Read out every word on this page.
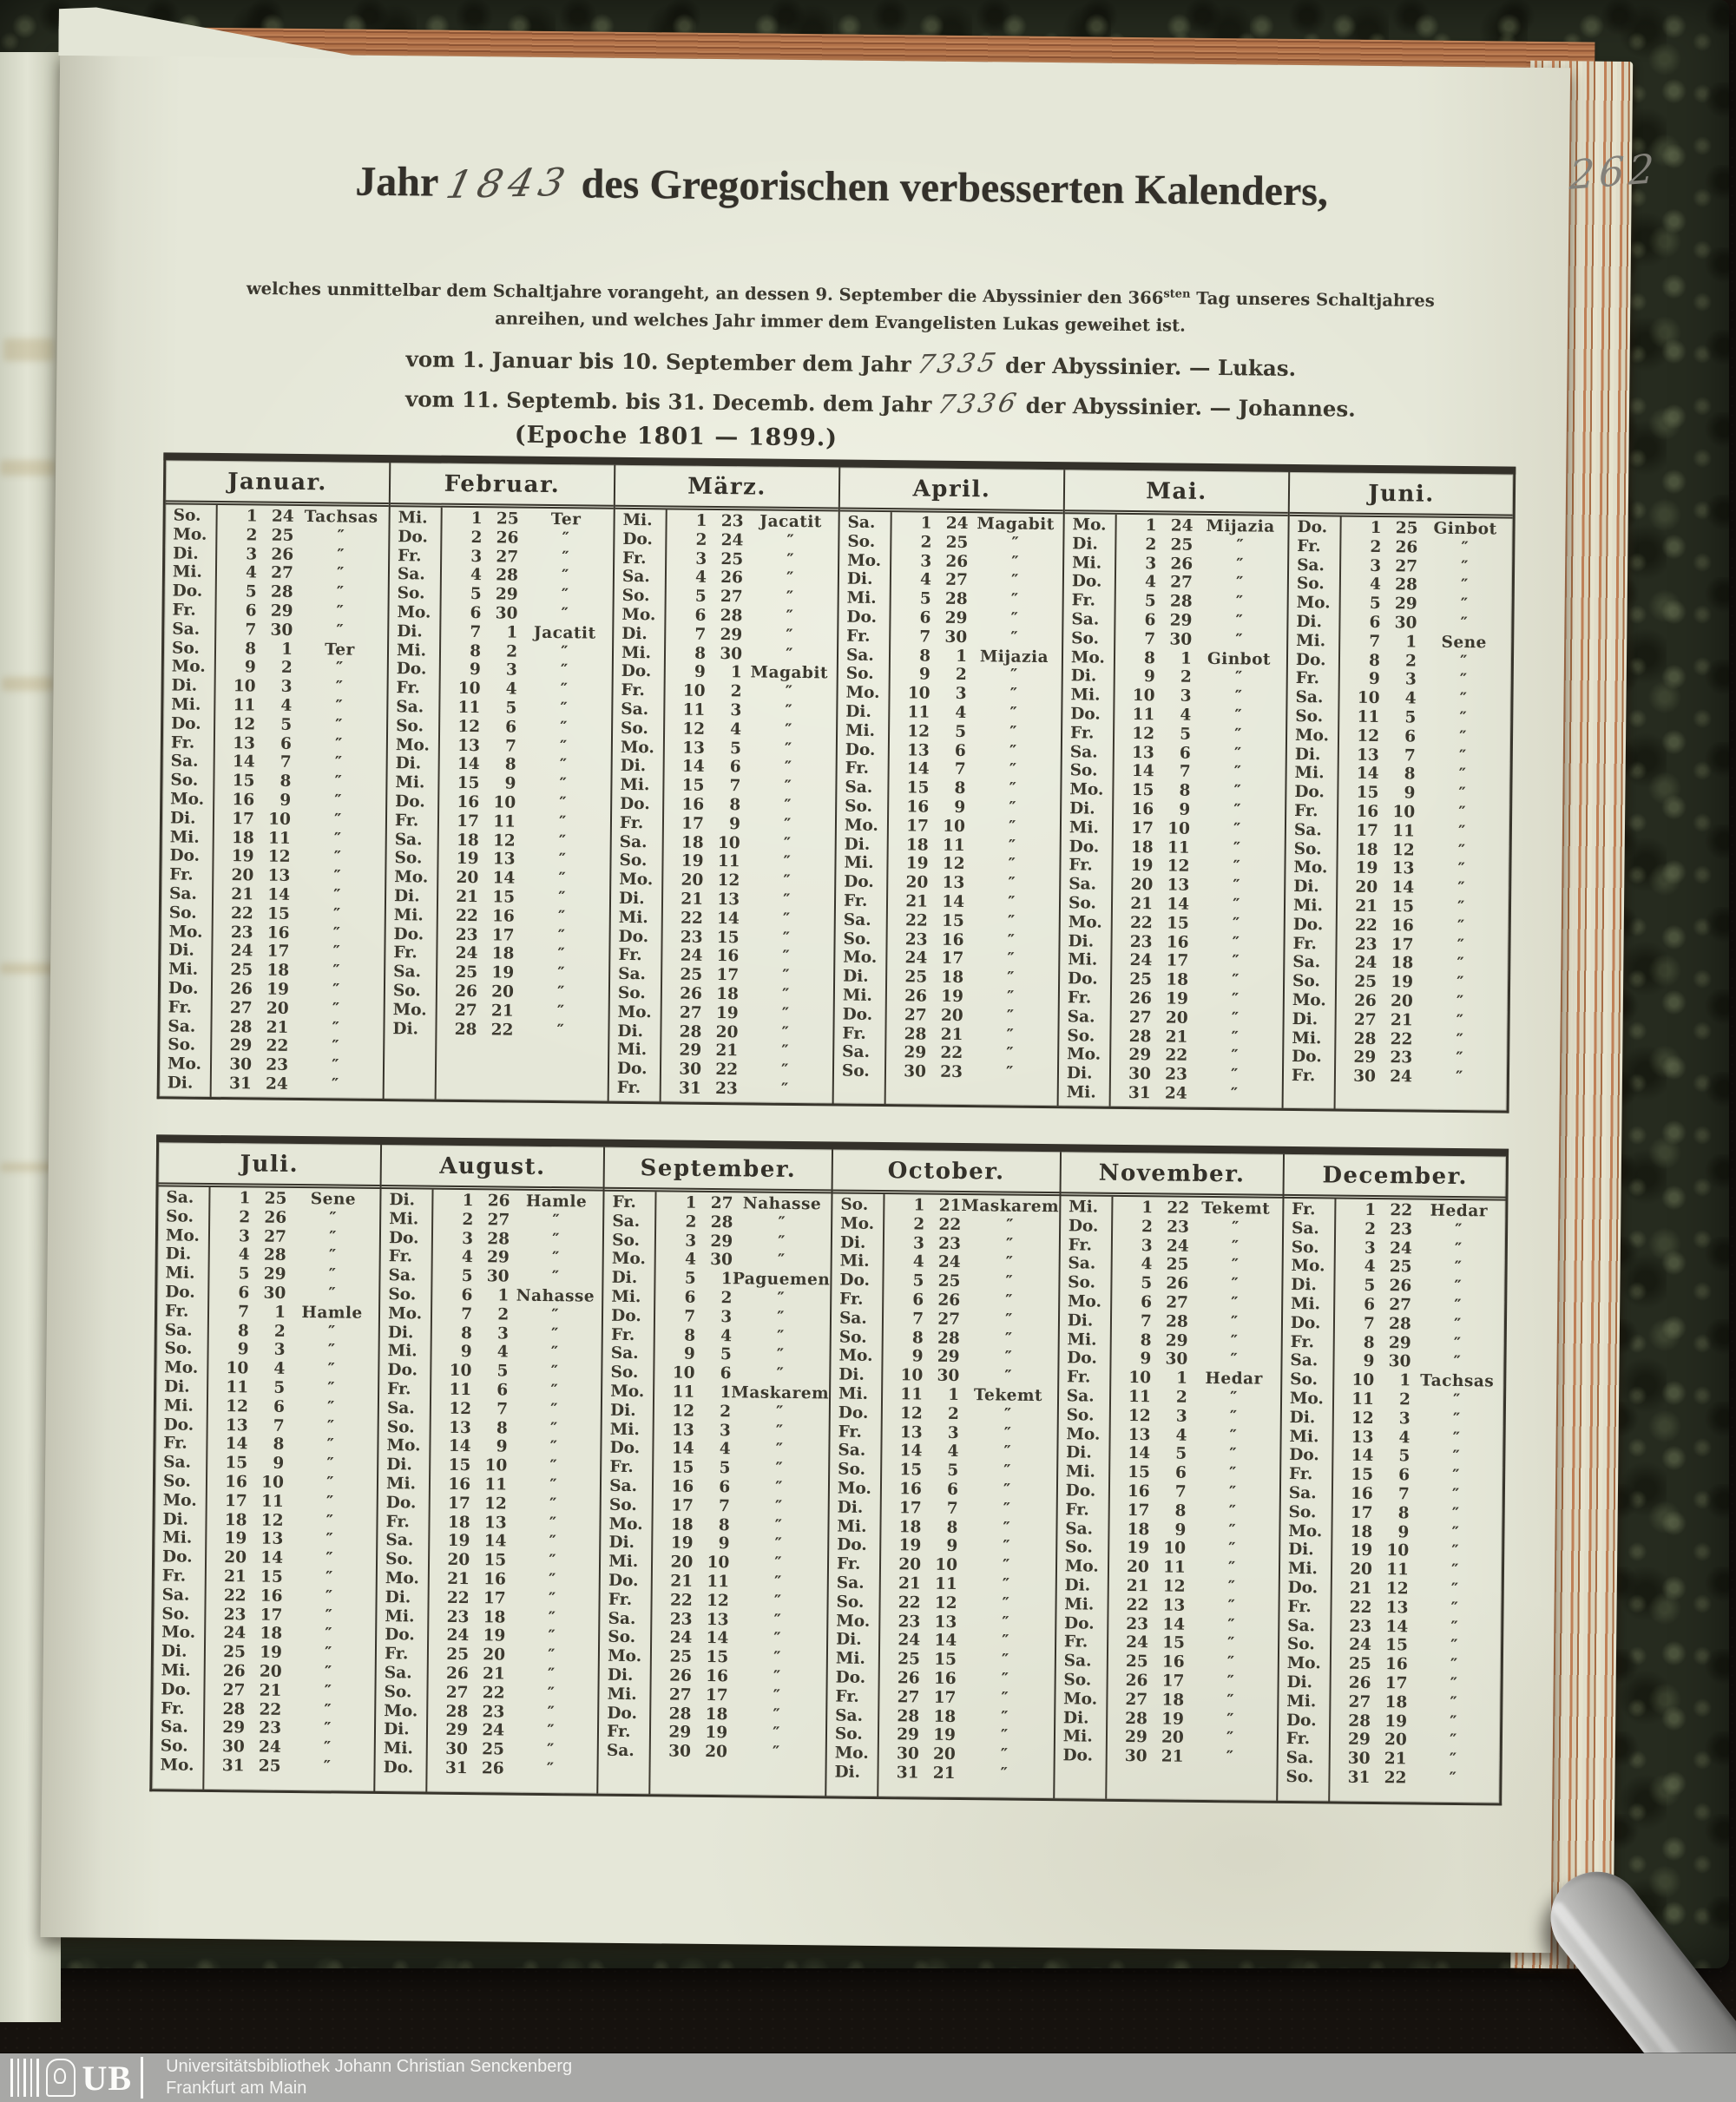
262
Jahr1843 des Gregorischen verbesserten Kalenders,
welches unmittelbar dem Schaltjahre vorangeht, an dessen 9. September die Abyssinier den $366^{sten}$ Tag unseres Schaltjahres
anreihen, und welches Jahr immer dem Evangelisten Lukas geweihet ist.
vom 1. Januar bis 10. September dem Jahr 7335 der Abyssinier. — Lukas.
vom 11. Septemb. bis 31. Decemb. dem Jahr 7336 der Abyssinier. — Johannes.
(Epoche 1801 — 1899.)
Januar.
So.	1 24 Tachsas
Mo.	2 25	″
Di.	3 26	″
Mi.	4 27	″
Do.	5 28	″
Fr.	6 29	″
Sa.	7 30	″
So.	8	1	Ter
Mo.	9	2	″
Di.	10	3	″
Mi.	11	4	″
Do.	12	5	″
Fr.	13	6	″
Sa.	14	7	″
So.	15	8	″
Mo.	16	9	″
Di.	17 10	″
Mi.	18 11	″
Do.	19 12	″
Fr.	20 13	″
Sa.	21 14	″
So.	22 15	″
Mo.	23 16	″
Di.	24 17	″
Mi.	25 18	″
Do.	26 19	″
Fr.	27 20	″
Sa.	28 21	″
So.	29 22	″
Mo.	30 23	″
Di.	31 24	″
Februar.
Mi.	1 25	Ter
Do.	2 26	″
Fr.	3 27	″
Sa.	4 28	″
So.	5 29	″
Mo.	6 30	″
Di.	7	1 Jacatit
Mi.	8	2	″
Do.	9	3	″
Fr.	10	4	″
Sa.	11	5	″
So.	12	6	″
Mo.	13	7	″
Di.	14	8	″
Mi.	15	9	″
Do.	16 10	″
Fr.	17 11	″
Sa.	18 12	″
So.	19 13	″
Mo.	20 14	″
Di.	21 15	″
Mi.	22 16	″
Do.	23 17	″
Fr.	24 18	″
Sa.	25 19	″
So.	26 20	″
Mo.	27 21	″
Di.	28 22	″
März.
Mi.	1 23 Jacatit
Do.	2 24	″
Fr.	3 25	″
Sa.	4 26	″
So.	5 27	″
Mo.	6 28	″
Di.	7 29	″
Mi.	8 30	″
Do.	9	1 Magabit
Fr.	10	2	″
Sa.	11	3	″
So.	12	4	″
Mo.	13	5	″
Di.	14	6	″
Mi.	15	7	″
Do.	16	8	″
Fr.	17	9	″
Sa.	18 10	″
So.	19 11	″
Mo.	20 12	″
Di.	21 13	″
Mi.	22 14	″
Do.	23 15	″
Fr.	24 16	″
Sa.	25 17	″
So.	26 18	″
Mo.	27 19	″
Di.	28 20	″
Mi.	29 21	″
Do.	30 22	″
Fr.	31 23	″
April.
Sa.	1 24 Magabit
So.	2 25	″
Mo.	3 26	″
Di.	4 27	″
Mi.	5 28	″
Do.	6 29	″
Fr.	7 30	″
Sa.	8	1 Mijazia
So.	9	2	″
Mo.	10	3	″
Di.	11	4	″
Mi.	12	5	″
Do.	13	6	″
Fr.	14	7	″
Sa.	15	8	″
So.	16	9	″
Mo.	17 10	″
Di.	18 11	″
Mi.	19 12	″
Do.	20 13	″
Fr.	21 14	″
Sa.	22 15	″
So.	23 16	″
Mo.	24 17	″
Di.	25 18	″
Mi.	26 19	″
Do.	27 20	″
Fr.	28 21	″
Sa.	29 22	″
So.	30 23	″
Mai.
Mo.	1 24 Mijazia
Di.	2 25	″
Mi.	3 26	″
Do.	4 27	″
Fr.	5 28	″
Sa.	6 29	″
So.	7 30	″
Mo.	8	1 Ginbot
Di.	9	2	″
Mi.	10	3	″
Do.	11	4	″
Fr.	12	5	″
Sa.	13	6	″
So.	14	7	″
Mo.	15	8	″
Di.	16	9	″
Mi.	17 10	″
Do.	18 11	″
Fr.	19 12	″
Sa.	20 13	″
So.	21 14	″
Mo.	22 15	″
Di.	23 16	″
Mi.	24 17	″
Do.	25 18	″
Fr.	26 19	″
Sa.	27 20	″
So.	28 21	″
Mo.	29 22	″
Di.	30 23	″
Mi.	31 24	″
Juni.
Do.	1 25 Ginbot
Fr.	2 26	″
Sa.	3 27	″
So.	4 28	″
Mo.	5 29	″
Di.	6 30	″
Mi.	7	1	Sene
Do.	8	2	″
Fr.	9	3	″
Sa.	10	4	″
So.	11	5	″
Mo.	12	6	″
Di.	13	7	″
Mi.	14	8	″
Do.	15	9	″
Fr.	16 10	″
Sa.	17 11	″
So.	18 12	″
Mo.	19 13	″
Di.	20 14	″
Mi.	21 15	″
Do.	22 16	″
Fr.	23 17	″
Sa.	24 18	″
So.	25 19	″
Mo.	26 20	″
Di.	27 21	″
Mi.	28 22	″
Do.	29 23	″
Fr.	30 24	″
Juli.
Sa.	1 25	Sene
So.	2 26	″
Mo.	3 27	″
Di.	4 28	″
Mi.	5 29	″
Do.	6 30	″
Fr.	7	1 Hamle
Sa.	8	2	″
So.	9	3	″
Mo.	10	4	″
Di.	11	5	″
Mi.	12	6	″
Do.	13	7	″
Fr.	14	8	″
Sa.	15	9	″
So.	16 10	″
Mo.	17 11	″
Di.	18 12	″
Mi.	19 13	″
Do.	20 14	″
Fr.	21 15	″
Sa.	22 16	″
So.	23 17	″
Mo.	24 18	″
Di.	25 19	″
Mi.	26 20	″
Do.	27 21	″
Fr.	28 22	″
Sa.	29 23	″
So.	30 24	″
Mo.	31 25	″
August.
Di.	1 26 Hamle
Mi.	2 27	″
Do.	3 28	″
Fr.	4 29	″
Sa.	5 30	″
So.	6	1 Nahasse
Mo.	7	2	″
Di.	8	3	″
Mi.	9	4	″
Do.	10	5	″
Fr.	11	6	″
Sa.	12	7	″
So.	13	8	″
Mo.	14	9	″
Di.	15 10	″
Mi.	16 11	″
Do.	17 12	″
Fr.	18 13	″
Sa.	19 14	″
So.	20 15	″
Mo.	21 16	″
Di.	22 17	″
Mi.	23 18	″
Do.	24 19	″
Fr.	25 20	″
Sa.	26 21	″
So.	27 22	″
Mo.	28 23	″
Di.	29 24	″
Mi.	30 25	″
Do.	31 26	″
September.
Fr.	1 27 Nahasse
Sa.	2 28	″
So.	3 29	″
Mo.	4 30	″
Di.	5	1 Paguemen
Mi.	6	2	″
Do.	7	3	″
Fr.	8	4	″
Sa.	9	5	″
So.	10	6	″
Mo.	11	1 Maskarem
Di.	12	2	″
Mi.	13	3	″
Do.	14	4	″
Fr.	15	5	″
Sa.	16	6	″
So.	17	7	″
Mo.	18	8	″
Di.	19	9	″
Mi.	20 10	″
Do.	21 11	″
Fr.	22 12	″
Sa.	23 13	″
So.	24 14	″
Mo.	25 15	″
Di.	26 16	″
Mi.	27 17	″
Do.	28 18	″
Fr.	29 19	″
Sa.	30 20	″
October.
So.	1 21 Maskarem
Mo.	2 22	″
Di.	3 23	″
Mi.	4 24	″
Do.	5 25	″
Fr.	6 26	″
Sa.	7 27	″
So.	8 28	″
Mo.	9 29	″
Di.	10 30	″
Mi.	11	1 Tekemt
Do.	12	2	″
Fr.	13	3	″
Sa.	14	4	″
So.	15	5	″
Mo.	16	6	″
Di.	17	7	″
Mi.	18	8	″
Do.	19	9	″
Fr.	20 10	″
Sa.	21 11	″
So.	22 12	″
Mo.	23 13	″
Di.	24 14	″
Mi.	25 15	″
Do.	26 16	″
Fr.	27 17	″
Sa.	28 18	″
So.	29 19	″
Mo.	30 20	″
Di.	31 21	″
November.
Mi.	1 22 Tekemt
Do.	2 23	″
Fr.	3 24	″
Sa.	4 25	″
So.	5 26	″
Mo.	6 27	″
Di.	7 28	″
Mi.	8 29	″
Do.	9 30	″
Fr.	10	1	Hedar
Sa.	11	2	″
So.	12	3	″
Mo.	13	4	″
Di.	14	5	″
Mi.	15	6	″
Do.	16	7	″
Fr.	17	8	″
Sa.	18	9	″
So.	19 10	″
Mo.	20 11	″
Di.	21 12	″
Mi.	22 13	″
Do.	23 14	″
Fr.	24 15	″
Sa.	25 16	″
So.	26 17	″
Mo.	27 18	″
Di.	28 19	″
Mi.	29 20	″
Do.	30 21	″
December.
Fr.	1 22	Hedar
Sa.	2 23	″
So.	3 24	″
Mo.	4 25	″
Di.	5 26	″
Mi.	6 27	″
Do.	7 28	″
Fr.	8 29	″
Sa.	9 30	″
So.	10	1 Tachsas
Mo.	11	2	″
Di.	12	3	″
Mi.	13	4	″
Do.	14	5	″
Fr.	15	6	″
Sa.	16	7	″
So.	17	8	″
Mo.	18	9	″
Di.	19 10	″
Mi.	20 11	″
Do.	21 12	″
Fr.	22 13	″
Sa.	23 14	″
So.	24 15	″
Mo.	25 16	″
Di.	26 17	″
Mi.	27 18	″
Do.	28 19	″
Fr.	29 20	″
Sa.	30 21	″
So.	31 22	″
UB Universitätsbibliothek Johann Christian Senckenberg
Frankfurt am Main
